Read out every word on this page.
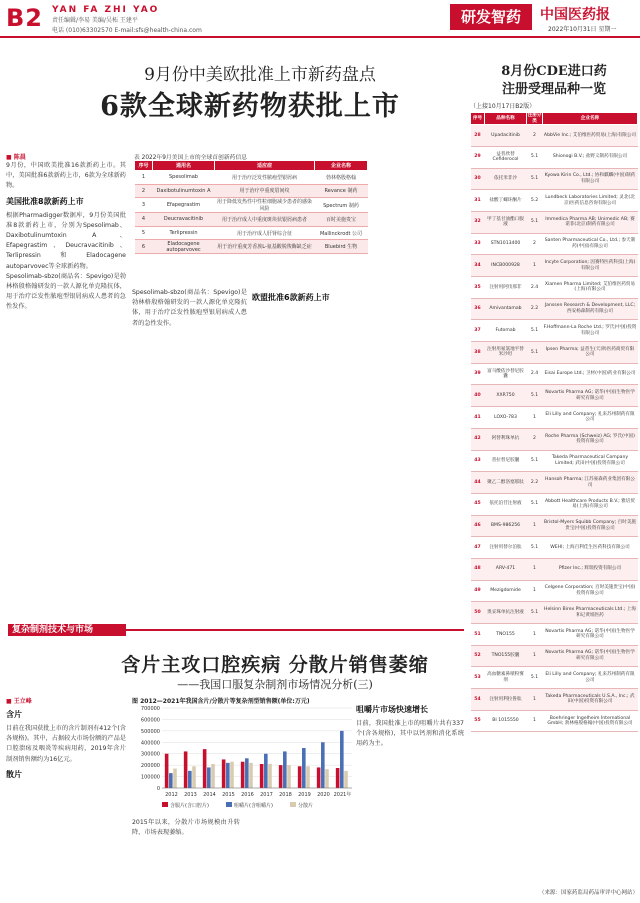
B2 YAN FA ZHI YAO
责任编辑/李易 美编/吴柘 王建平
电话 (010)63302570 E-mail:sfs@health-china.com
研发智药	中国医药报
2022年10月31日 星期一
9月份中美欧批准上市新药盘点
6款全球新药物获批上市
■ 陈晨

9月份，中国欧美批准16款新药上市。其中，美国批准6款新药上市，6款为全球新药物。

美国批准8款新药上市

根据Pharmadigger数据库，9月份美国批准8款新药上市，分别为Spesolimab、Daxibotulinumtoxin A、Efapegrastim、Deucravacitinib、Terlipressin和Eladocagene autoparvovec等全球新药物。

Spesolimab-sbzo(商品名：Spevigo)是勃林格殷格翰研发的一款人源化单克隆抗体，用于治疗泛发性脓疱型银屑病成人患者的急性发作。

表 2022年9月美国上市的全球首创新药信息
序号	通用名	适应症	企业名称
1	Spesolimab	用于治疗泛发性脓疱型银屑病	勃林格殷格翰
2	Daxibotulinumtoxin A	用于治疗中重度眉间纹	Revance 制药
3	Efapegrastim	用于降低发热性中性粒细胞减少患者的感染风险	Spectrum 制药
4	Deucravacitinib	用于治疗成人中重度斑块状银屑病患者	百时美施贵宝
5	Terlipressin	用于治疗成人肝肾综合征	Mallinckrodt 公司
6	Eladocagene autoparvovec	用于治疗重度芳香族L-氨基酸脱羧酶缺乏症	Bluebird 生物

Spesolimab-sbzo(商品名：Spevigo)是勃林格殷格翰研发的一款人源化单克隆抗体，用于治疗泛发性脓疱型银屑病成人患者的急性发作。

欧盟批准6款新药上市
8月份CDE进口药
注册受理品种一览
（上接10月17日B2版）
序号	品种名称	注册分类	企业名称
28	Upadacitinib	2	AbbVie Inc.; 艾伯维医药贸易(上海)有限公司
29	益普欣替 Cefiderocol	5.1	Shionogi B.V.; 盐野义制药有限公司
30	依托米非沙	5.1	Kyowa Kirin Co., Ltd.; 协和麒麟(中国)制药有限公司
31	盐酸丁螺环酮片	5.2	Lundbeck Laboratories Limited; 灵北(北京)医药信息咨询有限公司
32	甲丁基甘油酯口服液	5.1	Immedica Pharma AB; Unimedic AB; 赛诺菲(北京)制药有限公司
33	STN1013400	2	Santen Pharmaceutical Co., Ltd.; 参天制药(中国)有限公司
34	INCB000928	1	Incyte Corporation; 因赛特医药科技(上海)有限公司
35	注射用阿伐那非	2.4	Xiamen Pharma Limited; 艾伯维医药贸易(上海)有限公司
36	Amivantamab	2.2	Janssen Research & Development, LLC; 西安杨森制药有限公司
37	Futomab	5.1	F.Hoffmann-La Roche Ltd.; 罗氏(中国)投资有限公司
38	注射用氨氯地平替米沙坦	5.1	Ipsen Pharma; 益普生(天津)医药商贸有限公司
39	富马酸依沙替尼胶囊	2.4	Eisai Europe Ltd.; 卫材(中国)药业有限公司
40	XXR750	5.1	Novartis Pharma AG; 诺华(中国)生物医学研究有限公司
41	LOXO-783	1	Eli Lilly and Company; 礼来苏州制药有限公司
42	阿替利珠单抗	2	Roche Pharma (Schweiz) AG; 罗氏(中国)投资有限公司
43	普拉替尼胶囊	5.1	Takeda Pharmaceutical Company Limited; 武田(中国)投资有限公司
44	聚乙二醇洛塞那肽	2.2	Hansoh Pharma; 江苏豪森药业集团有限公司
45	依托泊苷注射液	5.1	Abbott Healthcare Products B.V.; 雅培贸易(上海)有限公司
46	BMS-986256	1	Bristol-Myers Squibb Company; 百时美施贵宝(中国)投资有限公司
47	注射用替尔泊肽	5.1	WEHI; 上海百利佳生医药科技有限公司
48	ARV-471	1	Pfizer Inc.; 辉瑞投资有限公司
49	Mezigdomide	1	Celgene Corporation; 百时美施贵宝(中国)投资有限公司
50	奥妥珠单抗注射液	5.1	Helsinn Birex Pharmaceuticals Ltd.; 上海和记黄埔医药
51	TNO155	1	Novartis Pharma AG; 诺华(中国)生物医学研究有限公司
52	TNO155胶囊	1	Novartis Pharma AG; 诺华(中国)生物医学研究有限公司
53	高血糖素鼻喷粉雾剂	5.1	Eli Lilly and Company; 礼来苏州制药有限公司
54	注射用利拉鲁肽	1	Takeda Pharmaceuticals U.S.A., Inc.; 武田(中国)投资有限公司
55	BI 1015550	1	Boehringer Ingelheim International GmbH; 勃林格殷格翰(中国)投资有限公司
（来源：国家药监局药品审评中心网站）
复杂制剂技术与市场
含片主攻口腔疾病 分散片销售萎缩
——我国口服复杂制剂市场情况分析(三)
■ 王立峰
含片

目前在我国获批上市的含片制剂有412个(含各规格)。其中，占据较大市场份额的产品是口腔溃疡及咽炎等疾病用药，2019年含片制剂销售额约为16亿元。

散片

2015年以来，分散片市场规模由升转降，市场表现萎缩。

咀嚼片市场快速增长

目前，我国批准上市的咀嚼片共有337个(含各规格)，其中以钙剂和消化系统用药为主。

图 2012—2021年我国含片/分散片等复杂剂型销售额(单位:万元)
700000
600000
500000
400000
300000
200000
100000
0
2012 2013 2014 2015 2016 2017 2018 2019 2020 2021年
含服片(含口腔片)	咀嚼片(含咀嚼片)	分散片
